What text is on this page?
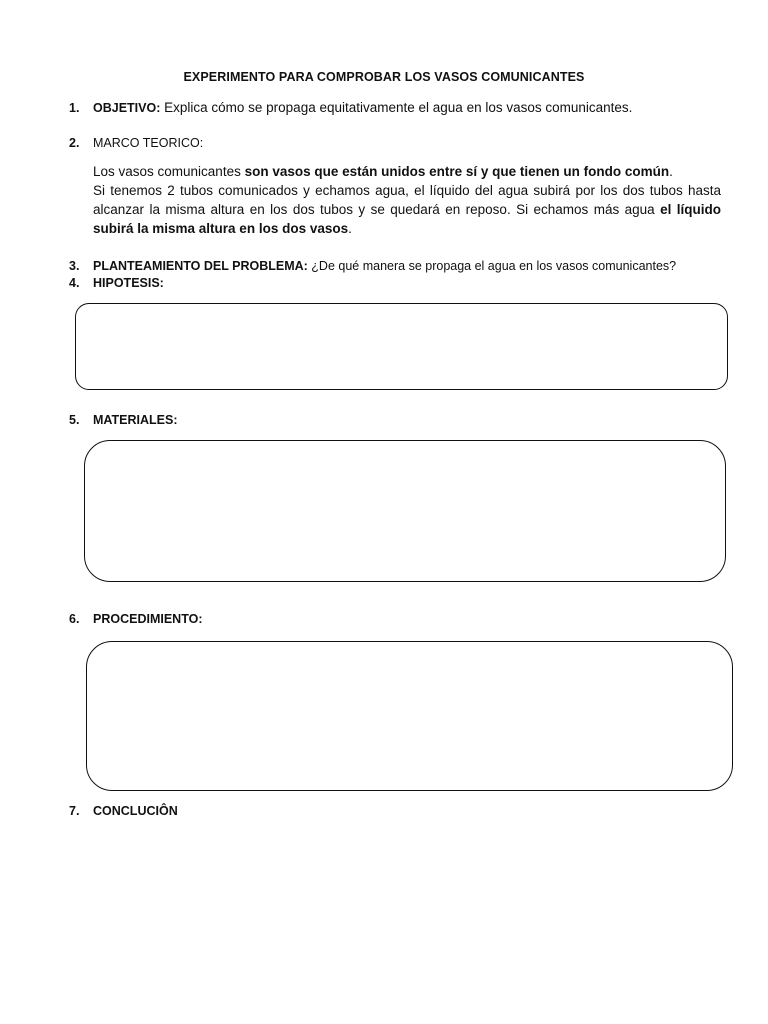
EXPERIMENTO PARA COMPROBAR LOS VASOS COMUNICANTES
1. OBJETIVO: Explica cómo se propaga equitativamente el agua en los vasos comunicantes.
2. MARCO TEORICO:

Los vasos comunicantes son vasos que están unidos entre sí y que tienen un fondo común.

Si tenemos 2 tubos comunicados y echamos agua, el líquido del agua subirá por los dos tubos hasta alcanzar la misma altura en los dos tubos y se quedará en reposo. Si echamos más agua el líquido subirá la misma altura en los dos vasos.

3. PLANTEAMIENTO DEL PROBLEMA: ¿De qué manera se propaga el agua en los vasos comunicantes?
4. HIPOTESIS:
5. MATERIALES:
6. PROCEDIMIENTO:
7. CONCLUCIÔN
